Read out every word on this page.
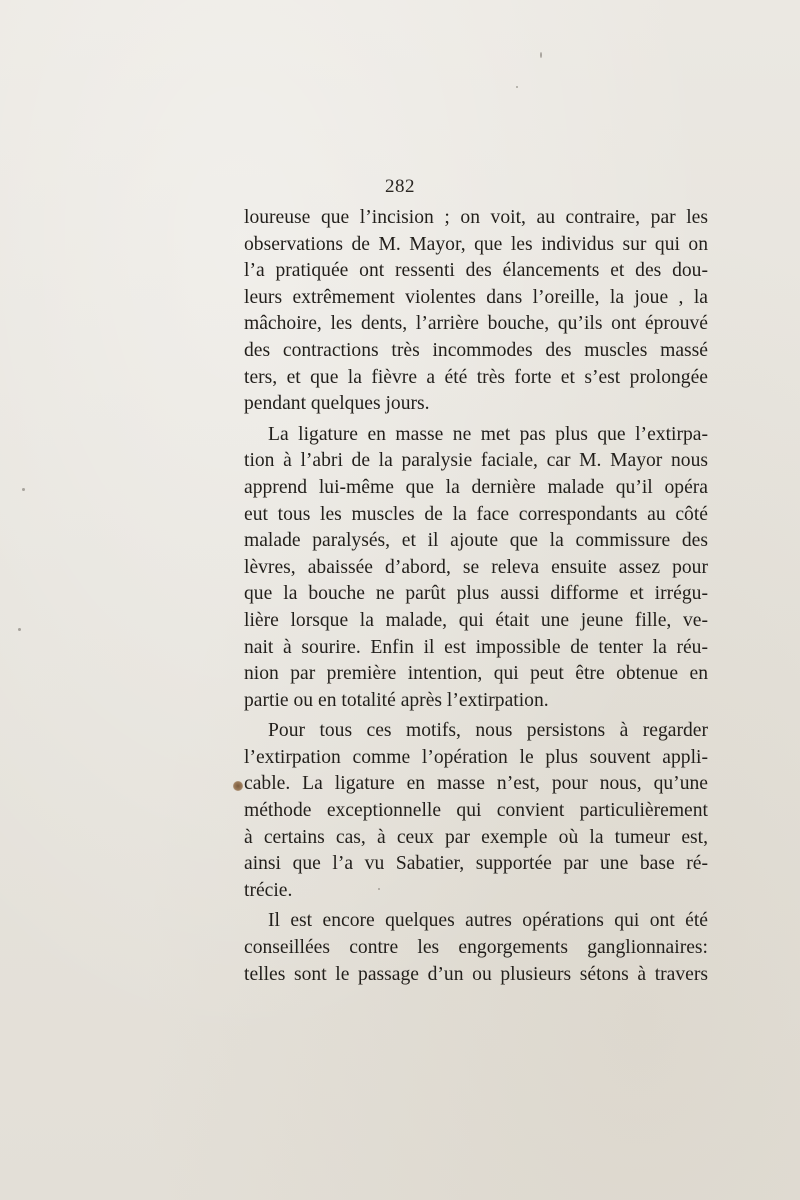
282
loureuse que l’incision ; on voit, au contraire, par les
observations de M. Mayor, que les individus sur qui on
l’a pratiquée ont ressenti des élancements et des dou-
leurs extrêmement violentes dans l’oreille, la joue , la
mâchoire, les dents, l’arrière bouche, qu’ils ont éprouvé
des contractions très incommodes des muscles massé
ters, et que la fièvre a été très forte et s’est prolongée
pendant quelques jours.
La ligature en masse ne met pas plus que l’extirpa-
tion à l’abri de la paralysie faciale, car M. Mayor nous
apprend lui-même que la dernière malade qu’il opéra
eut tous les muscles de la face correspondants au côté
malade paralysés, et il ajoute que la commissure des
lèvres, abaissée d’abord, se releva ensuite assez pour
que la bouche ne parût plus aussi difforme et irrégu-
lière lorsque la malade, qui était une jeune fille, ve-
nait à sourire. Enfin il est impossible de tenter la réu-
nion par première intention, qui peut être obtenue en
partie ou en totalité après l’extirpation.
Pour tous ces motifs, nous persistons à regarder
l’extirpation comme l’opération le plus souvent appli-
cable. La ligature en masse n’est, pour nous, qu’une
méthode exceptionnelle qui convient particulièrement
à certains cas, à ceux par exemple où la tumeur est,
ainsi que l’a vu Sabatier, supportée par une base ré-
trécie.
Il est encore quelques autres opérations qui ont été
conseillées contre les engorgements ganglionnaires:
telles sont le passage d’un ou plusieurs sétons à travers
